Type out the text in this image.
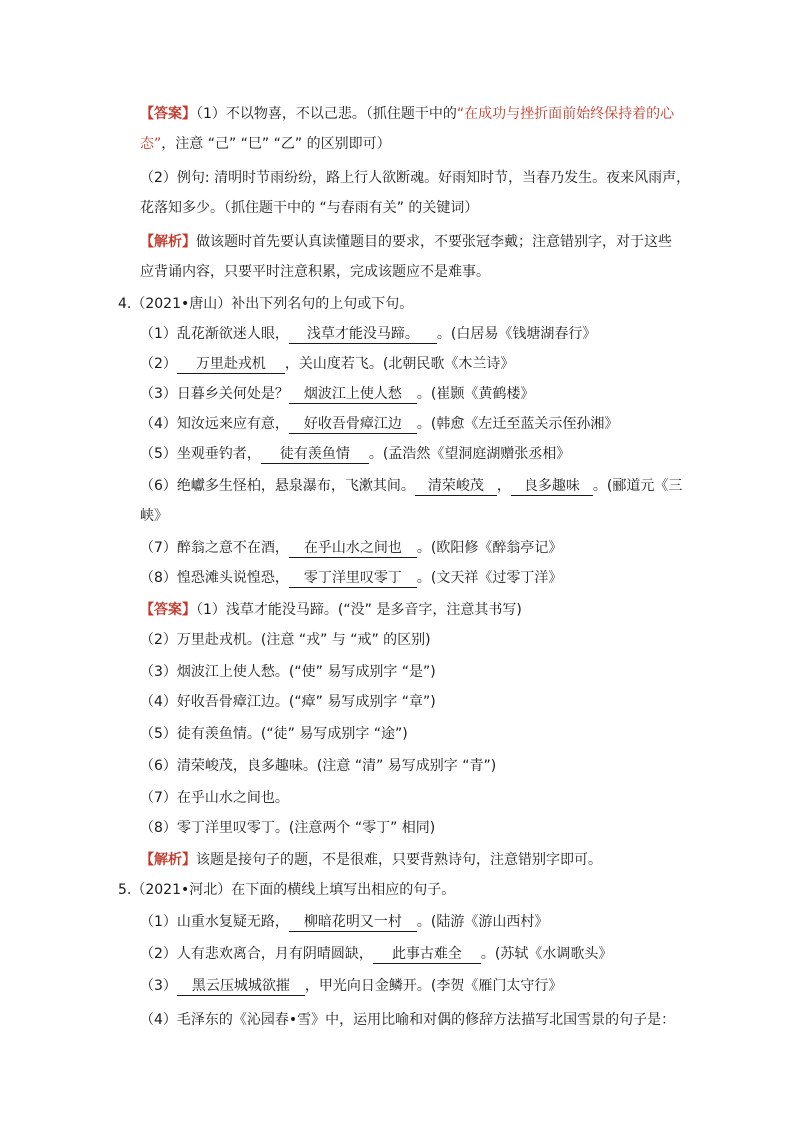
【答案】（1）不以物喜，不以己悲。（抓住题干中的“在成功与挫折面前始终保持着的心
态”，注意 “己” “巳” “乙” 的区别即可）
（2）例句: 清明时节雨纷纷，路上行人欲断魂。好雨知时节，当春乃发生。夜来风雨声，
花落知多少。（抓住题干中的 “与春雨有关” 的关键词）
【解析】做该题时首先要认真读懂题目的要求，不要张冠李戴；注意错别字，对于这些
应背诵内容，只要平时注意积累，完成该题应不是难事。
4.（2021•唐山）补出下列名句的上句或下句。
（1）乱花渐欲迷人眼， 浅草才能没马蹄。 。(白居易《钱塘湖春行》
（2） 万里赴戎机 ，关山度若飞。(北朝民歌《木兰诗》
（3）日暮乡关何处是？ 烟波江上使人愁 。(崔颢《黄鹤楼》
（4）知汝远来应有意， 好收吾骨瘴江边 。(韩愈《左迁至蓝关示侄孙湘》
（5）坐观垂钓者， 徒有羡鱼情 。(孟浩然《望洞庭湖赠张丞相》
（6）绝巘多生怪柏，悬泉瀑布，飞漱其间。 清荣峻茂 ， 良多趣味 。(郦道元《三
峡》
（7）醉翁之意不在酒， 在乎山水之间也 。(欧阳修《醉翁亭记》
（8）惶恐滩头说惶恐， 零丁洋里叹零丁 。(文天祥《过零丁洋》
【答案】（1）浅草才能没马蹄。(“没” 是多音字，注意其书写)
（2）万里赴戎机。(注意 “戎” 与 “戒” 的区别)
（3）烟波江上使人愁。(“使” 易写成别字 “是”)
（4）好收吾骨瘴江边。(“瘴” 易写成别字 “章”)
（5）徒有羡鱼情。(“徒” 易写成别字 “途”)
（6）清荣峻茂，良多趣味。(注意 “清” 易写成别字 “青”)
（7）在乎山水之间也。
（8）零丁洋里叹零丁。(注意两个 “零丁” 相同)
【解析】该题是接句子的题，不是很难，只要背熟诗句，注意错别字即可。
5.（2021•河北）在下面的横线上填写出相应的句子。
（1）山重水复疑无路， 柳暗花明又一村 。(陆游《游山西村》
（2）人有悲欢离合，月有阴晴圆缺， 此事古难全 。(苏轼《水调歌头》
（3） 黑云压城城欲摧 ，甲光向日金鳞开。(李贺《雁门太守行》
（4）毛泽东的《沁园春•雪》中，运用比喻和对偶的修辞方法描写北国雪景的句子是：
